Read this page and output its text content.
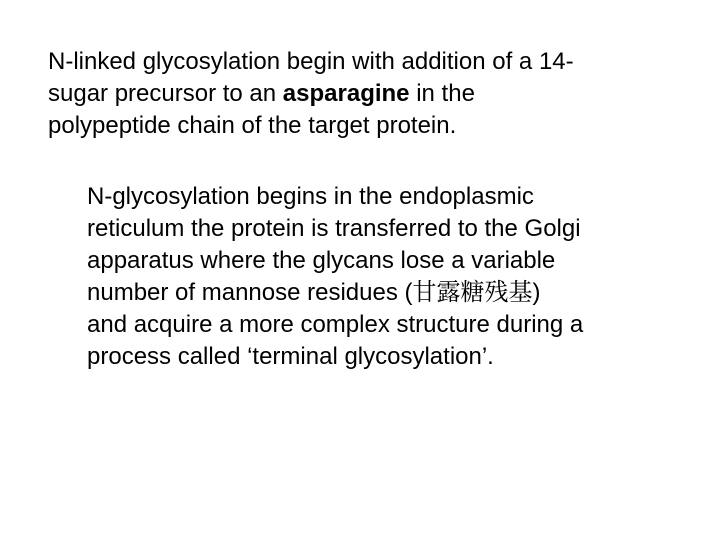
N-linked glycosylation begin with addition of a 14-
sugar precursor to an asparagine in the
polypeptide chain of the target protein.

N-glycosylation begins in the endoplasmic
reticulum the protein is transferred to the Golgi
apparatus where the glycans lose a variable
number of mannose residues (甘露糖残基)
and acquire a more complex structure during a
process called ‘terminal glycosylation’.
